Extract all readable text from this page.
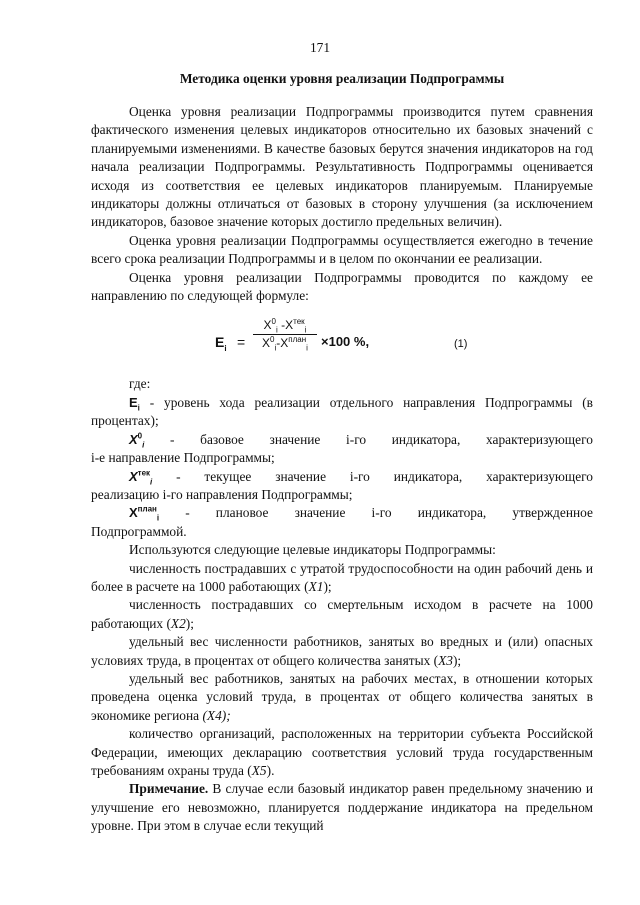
171
Методика оценки уровня реализации Подпрограммы

Оценка уровня реализации Подпрограммы производится путем сравнения фактического изменения целевых индикаторов относительно их базовых значений с планируемыми изменениями. В качестве базовых берутся значения индикаторов на год начала реализации Подпрограммы. Результативность Подпрограммы оценивается исходя из соответствия ее целевых индикаторов планируемым. Планируемые индикаторы должны отличаться от базовых в сторону улучшения (за исключением индикаторов, базовое значение которых достигло предельных величин).

Оценка уровня реализации Подпрограммы осуществляется ежегодно в течение всего срока реализации Подпрограммы и в целом по окончании ее реализации.

Оценка уровня реализации Подпрограммы проводится по каждому ее направлению по следующей формуле:

$E_i$ =
$X^0_i$ $-X^{тек}_i$
$X^0_i-X^{план}_i$	×100 %,	(1)

где:

$E_i$ - уровень хода реализации отдельного направления Подпрограммы (в процентах);

$X^0_i$ - базовое значение i-го индикатора, характеризующего

i-е направление Подпрограммы;

$X^{тек}_i$ - текущее значение i-го индикатора, характеризующего

реализацию i-го направления Подпрограммы;

$X^{план}_i$ - плановое значение i-го индикатора, утвержденное

Подпрограммой.

Используются следующие целевые индикаторы Подпрограммы:

численность пострадавших с утратой трудоспособности на один рабочий день и более в расчете на 1000 работающих (X1);

численность пострадавших со смертельным исходом в расчете на 1000 работающих (X2);

удельный вес численности работников, занятых во вредных и (или) опасных условиях труда, в процентах от общего количества занятых (X3);

удельный вес работников, занятых на рабочих местах, в отношении которых проведена оценка условий труда, в процентах от общего количества занятых в экономике региона (X4);

количество организаций, расположенных на территории субъекта Российской Федерации, имеющих декларацию соответствия условий труда государственным требованиям охраны труда (X5).

Примечание. В случае если базовый индикатор равен предельному значению и улучшение его невозможно, планируется поддержание индикатора на предельном уровне. При этом в случае если текущий
